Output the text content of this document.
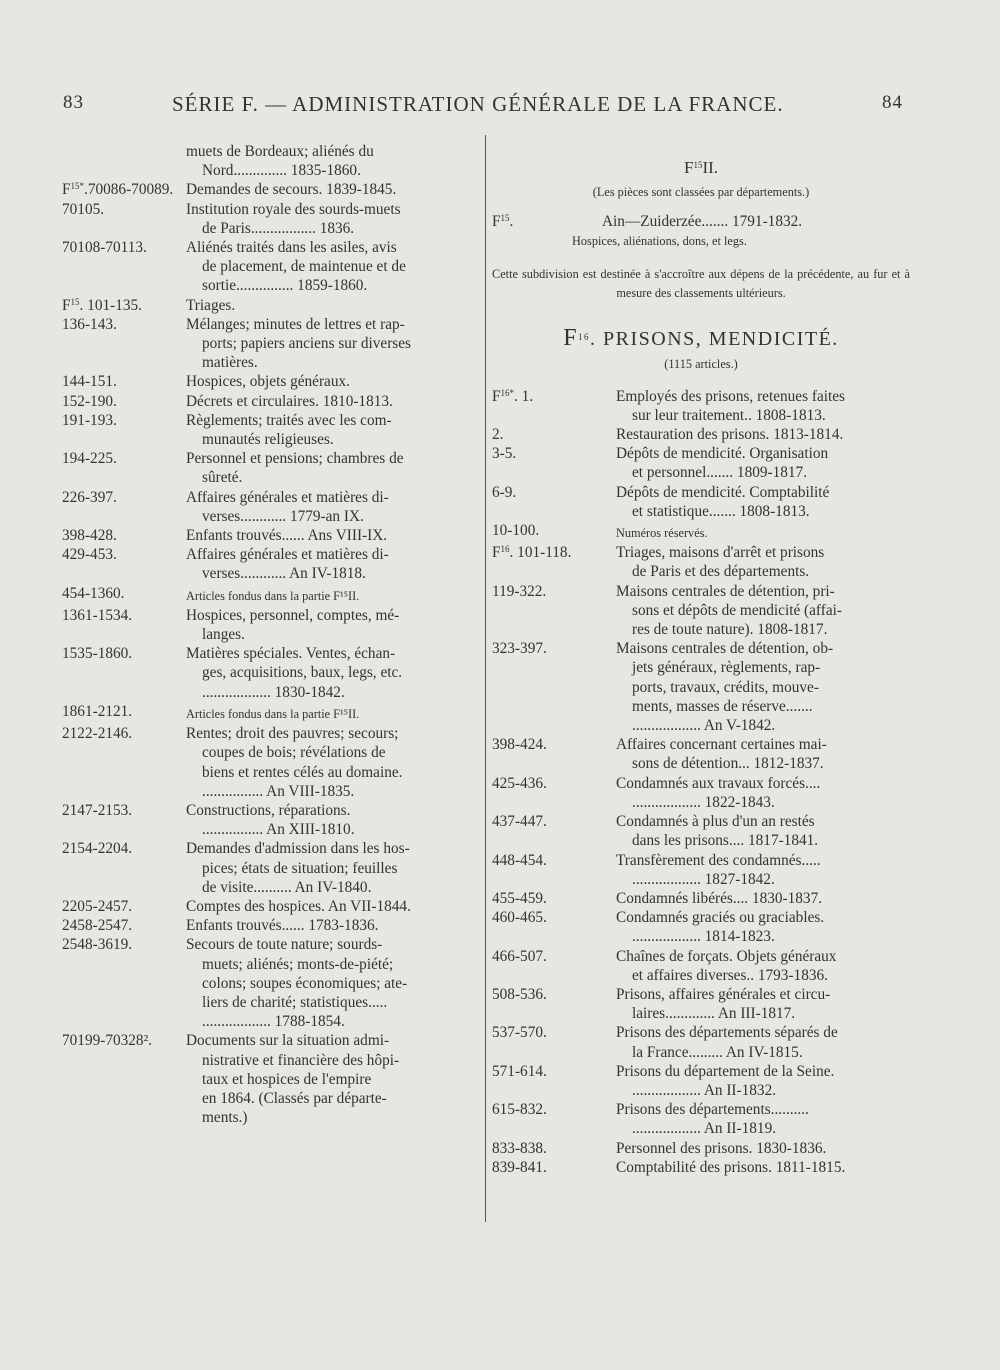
83	SÉRIE F. — ADMINISTRATION GÉNÉRALE DE LA FRANCE.	84
muets de Bordeaux; aliénés du
Nord.............. 1835-1860.
$F^{15*}.70086-70089$. Demandes de secours. 1839-1845.
70105.	Institution royale des sourds-muets
de Paris................. 1836.
70108-70113.	Aliénés traités dans les asiles, avis
de placement, de maintenue et de
sortie............... 1859-1860.
$F^{15}$. 101-135.	Triages.
136-143.	Mélanges; minutes de lettres et rap-
ports; papiers anciens sur diverses
matières.
144-151.	Hospices, objets généraux.
152-190.	Décrets et circulaires. 1810-1813.
191-193.	Règlements; traités avec les com-
munautés religieuses.
194-225.	Personnel et pensions; chambres de
sûreté.
226-397.	Affaires générales et matières di-
verses............ 1779-an IX.
398-428.	Enfants trouvés...... Ans VIII-IX.
429-453.	Affaires générales et matières di-
verses............ An IV-1818.
454-1360.	Articles fondus dans la partie F¹⁵II.
1361-1534.	Hospices, personnel, comptes, mé-
langes.
1535-1860.	Matières spéciales. Ventes, échan-
ges, acquisitions, baux, legs, etc.
.................. 1830-1842.
1861-2121.	Articles fondus dans la partie F¹⁵II.
2122-2146.	Rentes; droit des pauvres; secours;
coupes de bois; révélations de
biens et rentes célés au domaine.
................ An VIII-1835.
2147-2153.	Constructions, réparations.
................ An XIII-1810.
2154-2204.	Demandes d'admission dans les hos-
pices; états de situation; feuilles
de visite.......... An IV-1840.
2205-2457.	Comptes des hospices. An VII-1844.
2458-2547.	Enfants trouvés...... 1783-1836.
2548-3619.	Secours de toute nature; sourds-
muets; aliénés; monts-de-piété;
colons; soupes économiques; ate-
liers de charité; statistiques.....
.................. 1788-1854.
70199-70328².	Documents sur la situation admi-
nistrative et financière des hôpi-
taux et hospices de l'empire
en 1864. (Classés par départe-
ments.)
$F^{15}II$.
(Les pièces sont classées par départements.)
$F^{15}$.	Ain—Zuiderzée....... 1791-1832.
Hospices, aliénations, dons, et legs.
Cette subdivision est destinée à s'accroître aux dépens de la précédente, au fur et à mesure des classements ultérieurs.
$F^{16}$. PRISONS, MENDICITÉ.
(1115 articles.)
$F^{16*}$. 1.	Employés des prisons, retenues faites
sur leur traitement.. 1808-1813.
2.	Restauration des prisons. 1813-1814.
3-5.	Dépôts de mendicité. Organisation
et personnel....... 1809-1817.
6-9.	Dépôts de mendicité. Comptabilité
et statistique....... 1808-1813.
10-100.	Numéros réservés.
$F^{16}$. 101-118.	Triages, maisons d'arrêt et prisons
de Paris et des départements.
119-322.	Maisons centrales de détention, pri-
sons et dépôts de mendicité (affai-
res de toute nature). 1808-1817.
323-397.	Maisons centrales de détention, ob-
jets généraux, règlements, rap-
ports, travaux, crédits, mouve-
ments, masses de réserve.......
.................. An V-1842.
398-424.	Affaires concernant certaines mai-
sons de détention... 1812-1837.
425-436.	Condamnés aux travaux forcés....
.................. 1822-1843.
437-447.	Condamnés à plus d'un an restés
dans les prisons.... 1817-1841.
448-454.	Transfèrement des condamnés.....
.................. 1827-1842.
455-459.	Condamnés libérés.... 1830-1837.
460-465.	Condamnés graciés ou graciables.
.................. 1814-1823.
466-507.	Chaînes de forçats. Objets généraux
et affaires diverses.. 1793-1836.
508-536.	Prisons, affaires générales et circu-
laires............. An III-1817.
537-570.	Prisons des départements séparés de
la France......... An IV-1815.
571-614.	Prisons du département de la Seine.
.................. An II-1832.
615-832.	Prisons des départements..........
.................. An II-1819.
833-838.	Personnel des prisons. 1830-1836.
839-841.	Comptabilité des prisons. 1811-1815.
